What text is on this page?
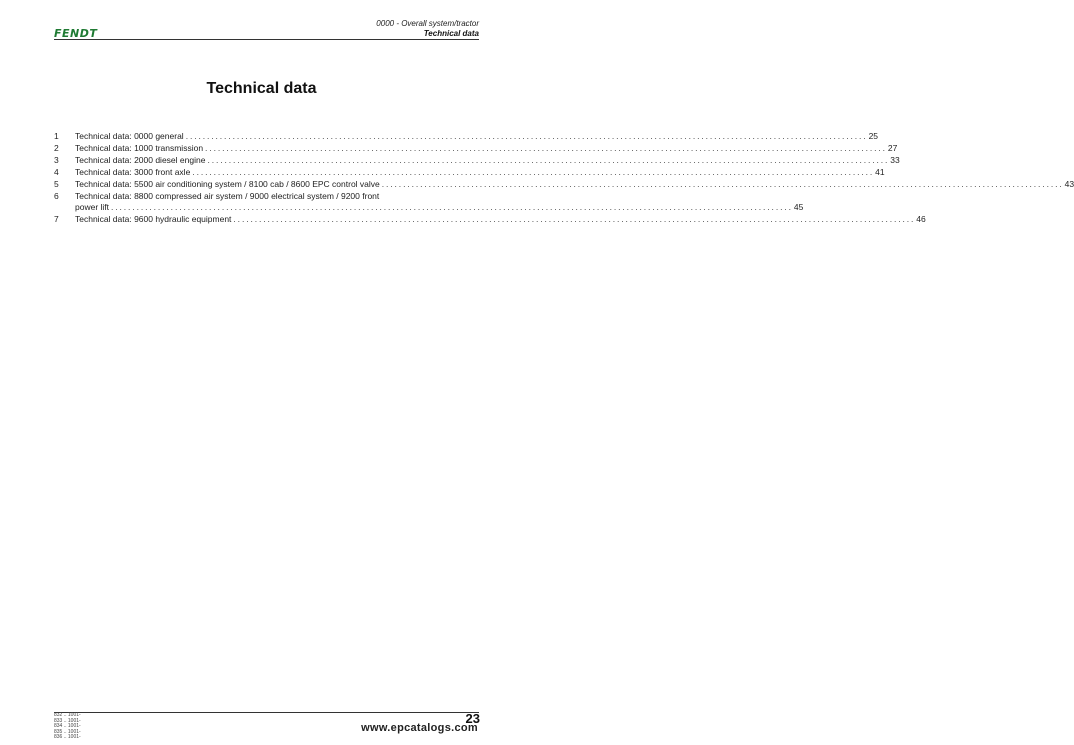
FENDT
0000 - Overall system/tractor
Technical data
Technical data
1	Technical data: 0000 general ................................................................................................................................................................ 25
2	Technical data: 1000 transmission ................................................................................................................................................................ 27
3	Technical data: 2000 diesel engine ................................................................................................................................................................ 33
4	Technical data: 3000 front axle ................................................................................................................................................................ 41
5	Technical data: 5500 air conditioning system / 8100 cab / 8600 EPC control valve ................................................................................................................................................................ 43
6	Technical data: 8800 compressed air system / 9000 electrical system / 9200 front
power lift ................................................................................................................................................................ 45
7	Technical data: 9600 hydraulic equipment ................................................................................................................................................................ 46
832 .. 1001-
833 .. 1001-
834 .. 1001-
835 .. 1001-
836 .. 1001-
23
www.epcatalogs.com
